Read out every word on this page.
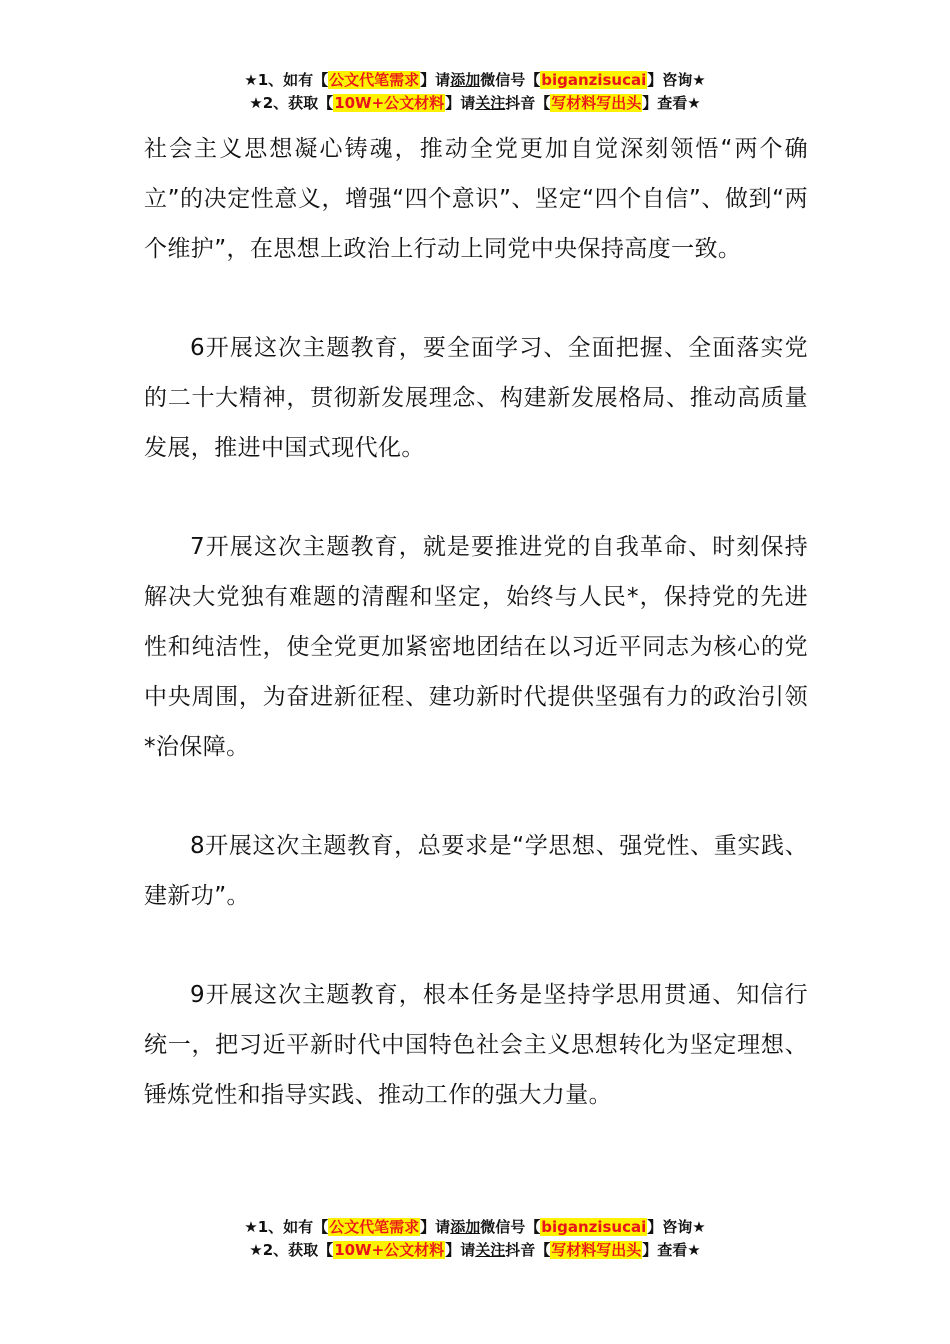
★1、如有【公文代笔需求】请添加微信号【biganzisucai】咨询★
★2、获取【10W+公文材料】请关注抖音【写材料写出头】查看★

社会主义思想凝心铸魂，推动全党更加自觉深刻领悟“两个确立”的决定性意义，增强“四个意识”、坚定“四个自信”、做到“两个维护”，在思想上政治上行动上同党中央保持高度一致。

6开展这次主题教育，要全面学习、全面把握、全面落实党的二十大精神，贯彻新发展理念、构建新发展格局、推动高质量发展，推进中国式现代化。

7开展这次主题教育，就是要推进党的自我革命、时刻保持解决大党独有难题的清醒和坚定，始终与人民*，保持党的先进性和纯洁性，使全党更加紧密地团结在以习近平同志为核心的党中央周围，为奋进新征程、建功新时代提供坚强有力的政治引领*治保障。

8开展这次主题教育，总要求是“学思想、强党性、重实践、建新功”。

9开展这次主题教育，根本任务是坚持学思用贯通、知信行统一，把习近平新时代中国特色社会主义思想转化为坚定理想、锤炼党性和指导实践、推动工作的强大力量。

★1、如有【公文代笔需求】请添加微信号【biganzisucai】咨询★
★2、获取【10W+公文材料】请关注抖音【写材料写出头】查看★
